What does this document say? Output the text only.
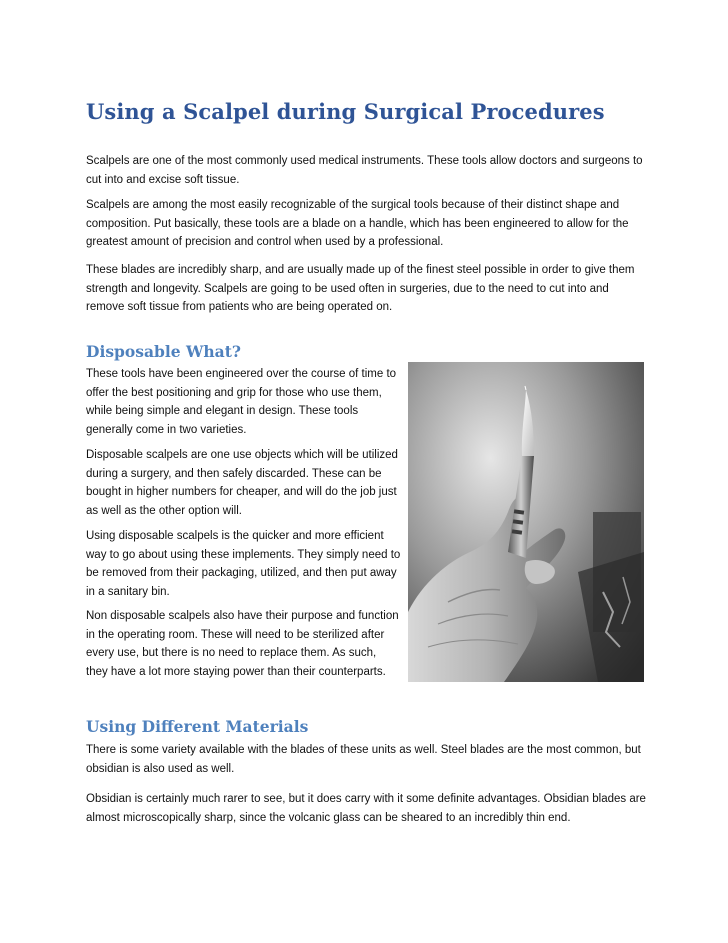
Using a Scalpel during Surgical Procedures

Scalpels are one of the most commonly used medical instruments. These tools allow doctors and surgeons to cut into and excise soft tissue.

Scalpels are among the most easily recognizable of the surgical tools because of their distinct shape and composition. Put basically, these tools are a blade on a handle, which has been engineered to allow for the greatest amount of precision and control when used by a professional.

These blades are incredibly sharp, and are usually made up of the finest steel possible in order to give them strength and longevity. Scalpels are going to be used often in surgeries, due to the need to cut into and remove soft tissue from patients who are being operated on.

Disposable What?

These tools have been engineered over the course of time to offer the best positioning and grip for those who use them, while being simple and elegant in design. These tools generally come in two varieties.

Disposable scalpels are one use objects which will be utilized during a surgery, and then safely discarded. These can be bought in higher numbers for cheaper, and will do the job just as well as the other option will.

Using disposable scalpels is the quicker and more efficient way to go about using these implements. They simply need to be removed from their packaging, utilized, and then put away in a sanitary bin.

Non disposable scalpels also have their purpose and function in the operating room. These will need to be sterilized after every use, but there is no need to replace them. As such, they have a lot more staying power than their counterparts.

Using Different Materials

There is some variety available with the blades of these units as well. Steel blades are the most common, but obsidian is also used as well.

Obsidian is certainly much rarer to see, but it does carry with it some definite advantages. Obsidian blades are almost microscopically sharp, since the volcanic glass can be sheared to an incredibly thin end.
